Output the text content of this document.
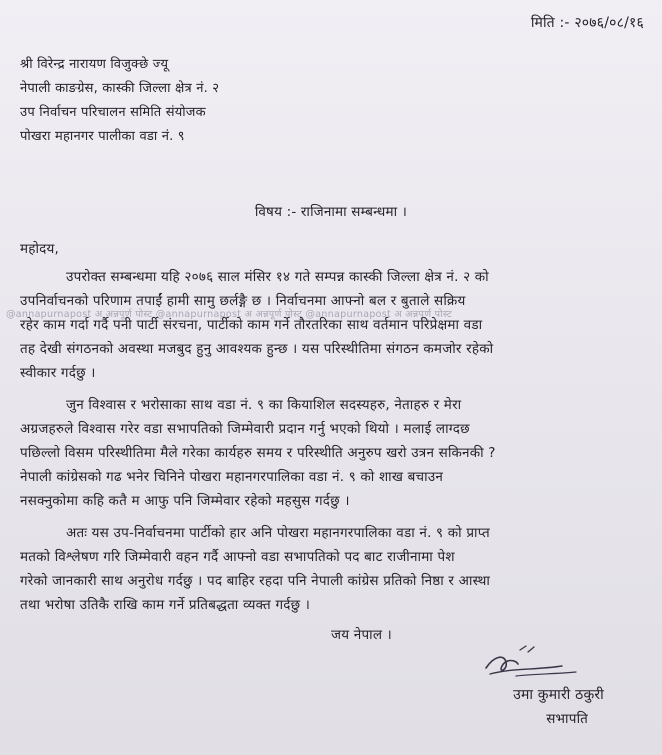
मिति :- २०७६/०८/१६
श्री विरेन्द्र नारायण विजुक्छे ज्यू
नेपाली काङग्रेस, कास्की जिल्ला क्षेत्र नं. २
उप निर्वाचन परिचालन समिति संयोजक
पोखरा महानगर पालीका वडा नं. ९
विषय :- राजिनामा सम्बन्धमा ।
महोदय,
उपरोक्त सम्बन्धमा यहि २०७६ साल मंसिर १४ गते सम्पन्न कास्की जिल्ला क्षेत्र नं. २ को
उपनिर्वाचनको परिणाम तपाईं हामी सामु छर्लङ्गै छ । निर्वाचनमा आफ्नो बल र बुताले सक्रिय
रहेर काम गर्दा गर्दै पनी पार्टी संरचना, पार्टीको काम गर्ने तौरतरिका साथ वर्तमान परिप्रेक्षमा वडा
तह देखी संगठनको अवस्था मजबुद हुनु आवश्यक हुन्छ । यस परिस्थीतिमा संगठन कमजोर रहेको
स्वीकार गर्दछु ।
@annapurnapost अ अन्नपूर्ण पोस्ट @annapurnapost अ अन्नपूर्ण पोस्ट @annapurnapost अ अन्नपूर्ण पोस्ट
जुन विश्वास र भरोसाका साथ वडा नं. ९ का कियाशिल सदस्यहरु, नेताहरु र मेरा
अग्रजहरुले विश्वास गरेर वडा सभापतिको जिम्मेवारी प्रदान गर्नु भएको थियो । मलाई लाग्दछ
पछिल्लो विसम परिस्थीतिमा मैले गरेका कार्यहरु समय र परिस्थीति अनुरुप खरो उत्रन सकिनकी ?
नेपाली कांग्रेसको गढ भनेर चिनिने पोखरा महानगरपालिका वडा नं. ९ को शाख बचाउन
नसक्नुकोमा कहि कतै म आफु पनि जिम्मेवार रहेको महसुस गर्दछु ।
अतः यस उप-निर्वाचनमा पार्टीको हार अनि पोखरा महानगरपालिका वडा नं. ९ को प्राप्त
मतको विश्लेषण गरि जिम्मेवारी वहन गर्दै आफ्नो वडा सभापतिको पद बाट राजीनामा पेश
गरेको जानकारी साथ अनुरोध गर्दछु । पद बाहिर रहदा पनि नेपाली कांग्रेस प्रतिको निष्ठा र आस्था
तथा भरोषा उतिकै राखि काम गर्ने प्रतिबद्धता व्यक्त गर्दछु ।
जय नेपाल ।
उमा कुमारी ठकुरी
सभापति
